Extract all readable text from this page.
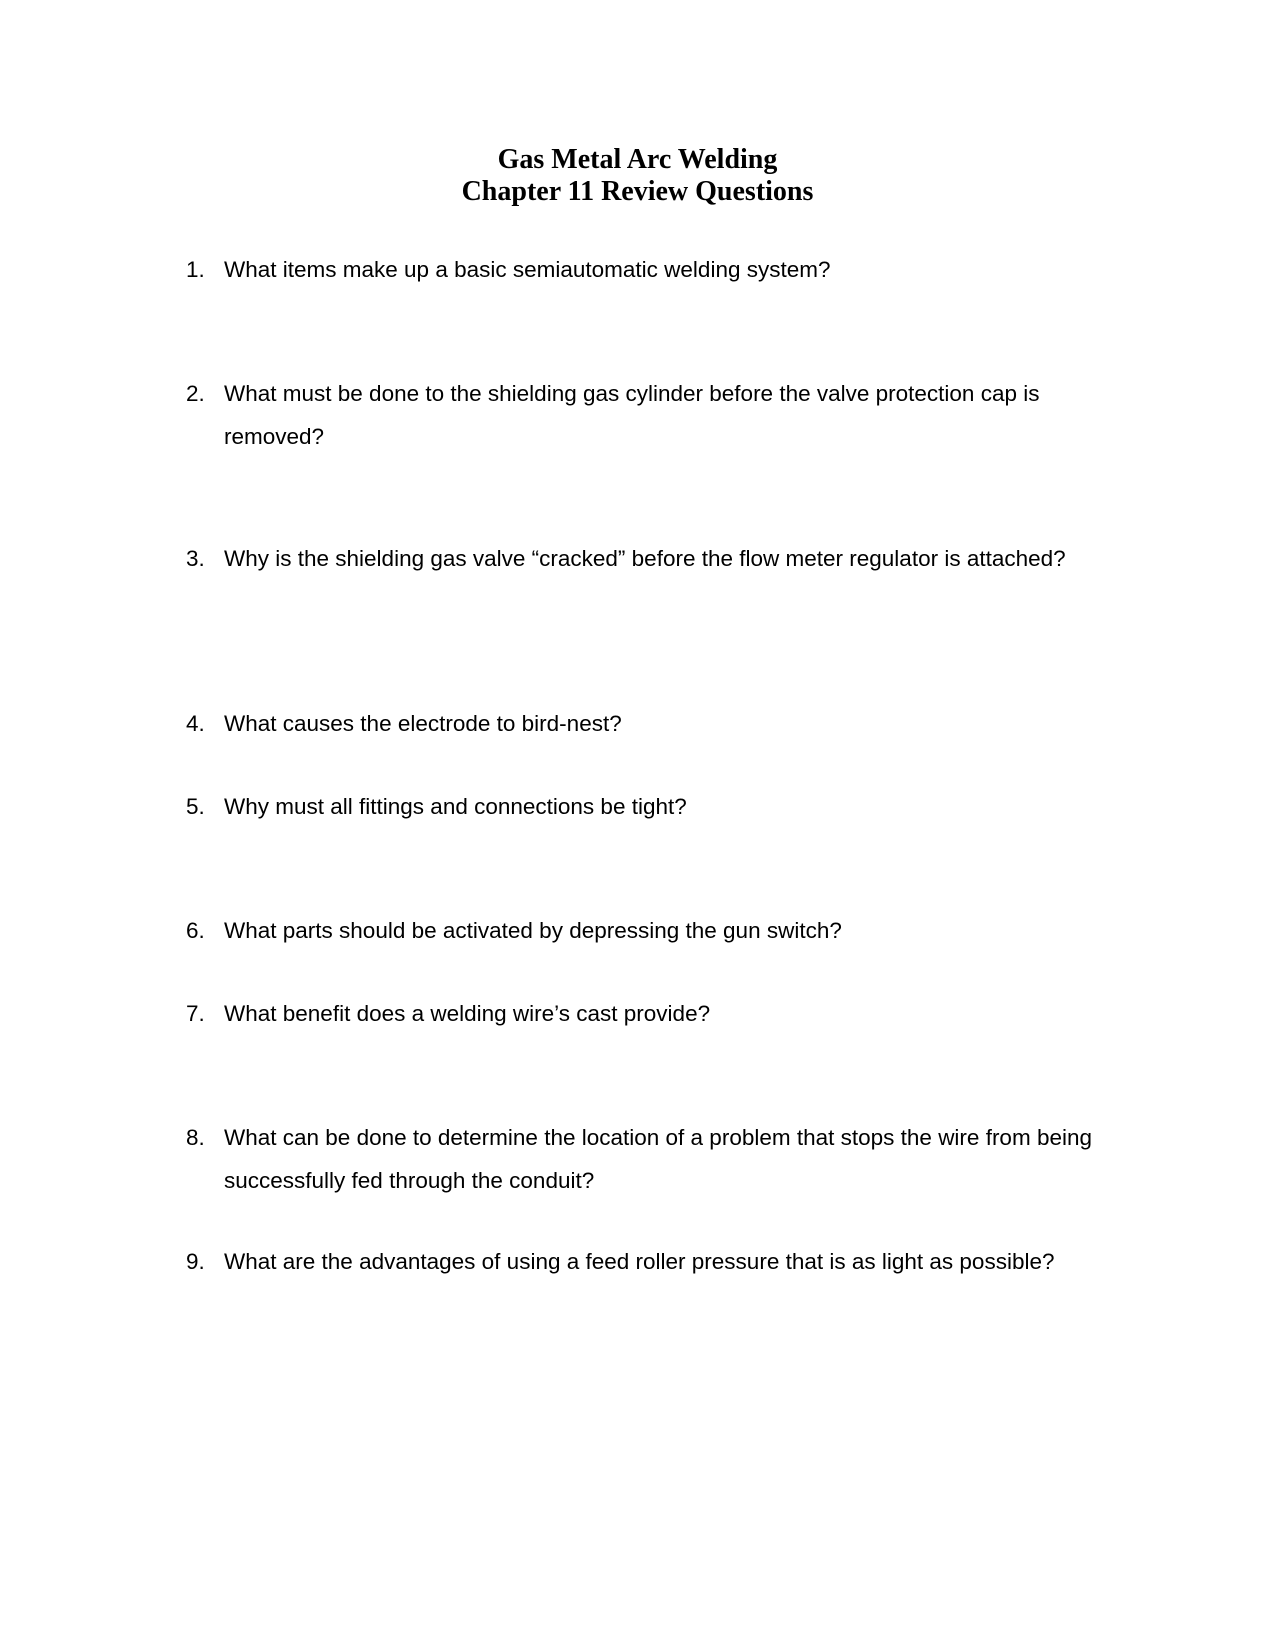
Gas Metal Arc Welding
Chapter 11 Review Questions
1. What items make up a basic semiautomatic welding system?
2. What must be done to the shielding gas cylinder before the valve protection cap is removed?
3. Why is the shielding gas valve “cracked” before the flow meter regulator is attached?
4. What causes the electrode to bird-nest?
5. Why must all fittings and connections be tight?
6. What parts should be activated by depressing the gun switch?
7. What benefit does a welding wire’s cast provide?
8. What can be done to determine the location of a problem that stops the wire from being successfully fed through the conduit?
9. What are the advantages of using a feed roller pressure that is as light as possible?
